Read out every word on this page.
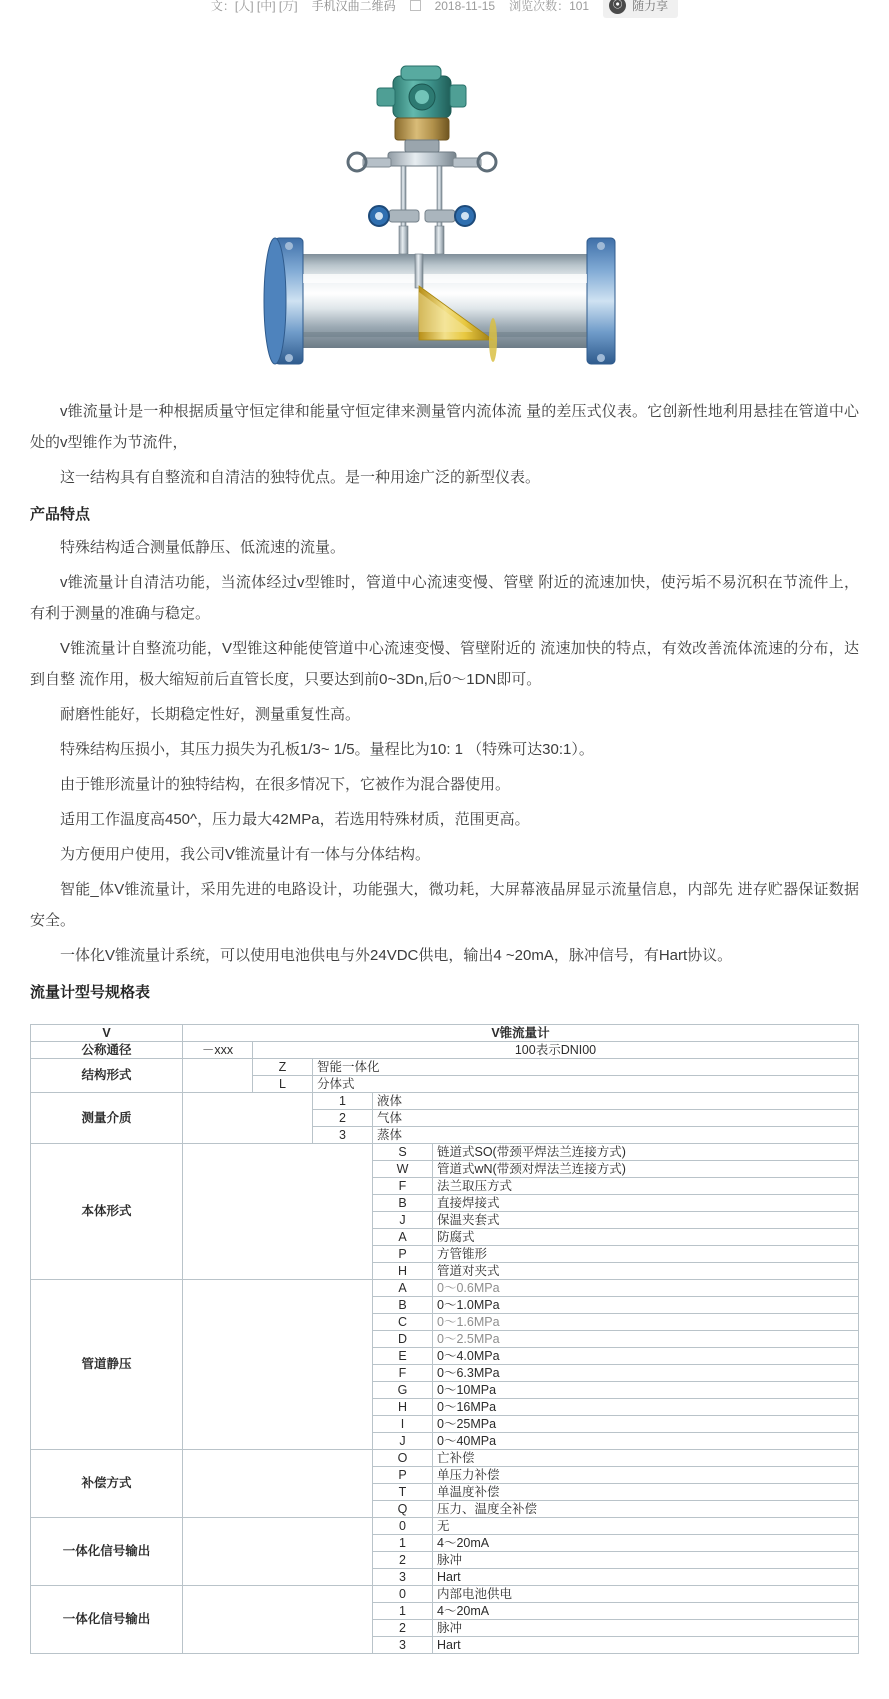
文：[人] [中] [万] 手机汉曲二维码	2018-11-15 浏览次数：101	⦿ 随力享

v锥流量计是一种根据质量守恒定律和能量守恒定律来测量管内流体流 量的差压式仪表。它创新性地利用悬挂在管道中心处的v型锥作为节流件，

这一结构具有自整流和自清洁的独特优点。是一种用途广泛的新型仪表。

产品特点

特殊结构适合测量低静压、低流速的流量。

v锥流量计自清洁功能，当流体经过v型锥时，管道中心流速变慢、管壁 附近的流速加快，使污垢不易沉积在节流件上，有利于测量的准确与稳定。

V锥流量计自整流功能，V型锥这种能使管道中心流速变慢、管壁附近的 流速加快的特点，有效改善流体流速的分布，达到自整 流作用，极大缩短前后直管长度，只要达到前0~3Dn,后0～1DN即可。

耐磨性能好，长期稳定性好，测量重复性高。

特殊结构压损小，其压力损失为孔板1/3~ 1/5。量程比为10: 1 （特殊可达30:1）。

由于锥形流量计的独特结构，在很多情况下，它被作为混合器使用。

适用工作温度高450^，压力最大42MPa，若选用特殊材质，范围更高。

为方便用户使用，我公司V锥流量计有一体与分体结构。

智能_体V锥流量计，采用先进的电路设计，功能强大，微功耗，大屏幕液晶屏显示流量信息，内部先 进存贮器保证数据安全。

一体化V锥流量计系统，可以使用电池供电与外24VDC供电，输出4 ~20mA，脉冲信号，有Hart协议。

流量计型号规格表
V	V锥流量计				
公称通径	－xxx	100表示DNI00			
结构形式		Z	智能一体化		
		L	分体式		
测量介质			1	液体	
			2	气体	
			3	蒸体	
本体形式				S	链道式SO(带颈平焊法兰连接方式)
				W	管道式wN(带颈对焊法兰连接方式)
				F	法兰取压方式
				B	直接焊接式
				J	保温夹套式
				A	防腐式
				P	方管锥形
				H	管道对夹式
管道静压				A	0～0.6MPa
				B	0～1.0MPa
				C	0～1.6MPa
				D	0～2.5MPa
				E	0～4.0MPa
				F	0～6.3MPa
				G	0～10MPa
				H	0～16MPa
				I	0～25MPa
				J	0～40MPa
补偿方式				O	亡补偿
				P	单压力补偿
				T	单温度补偿
				Q	压力、温度全补偿
一体化信号输出				0	无
				1	4～20mA
				2	脉冲
				3	Hart
一体化信号输出				0	内部电池供电
				1	4～20mA
				2	脉冲
				3	Hart
